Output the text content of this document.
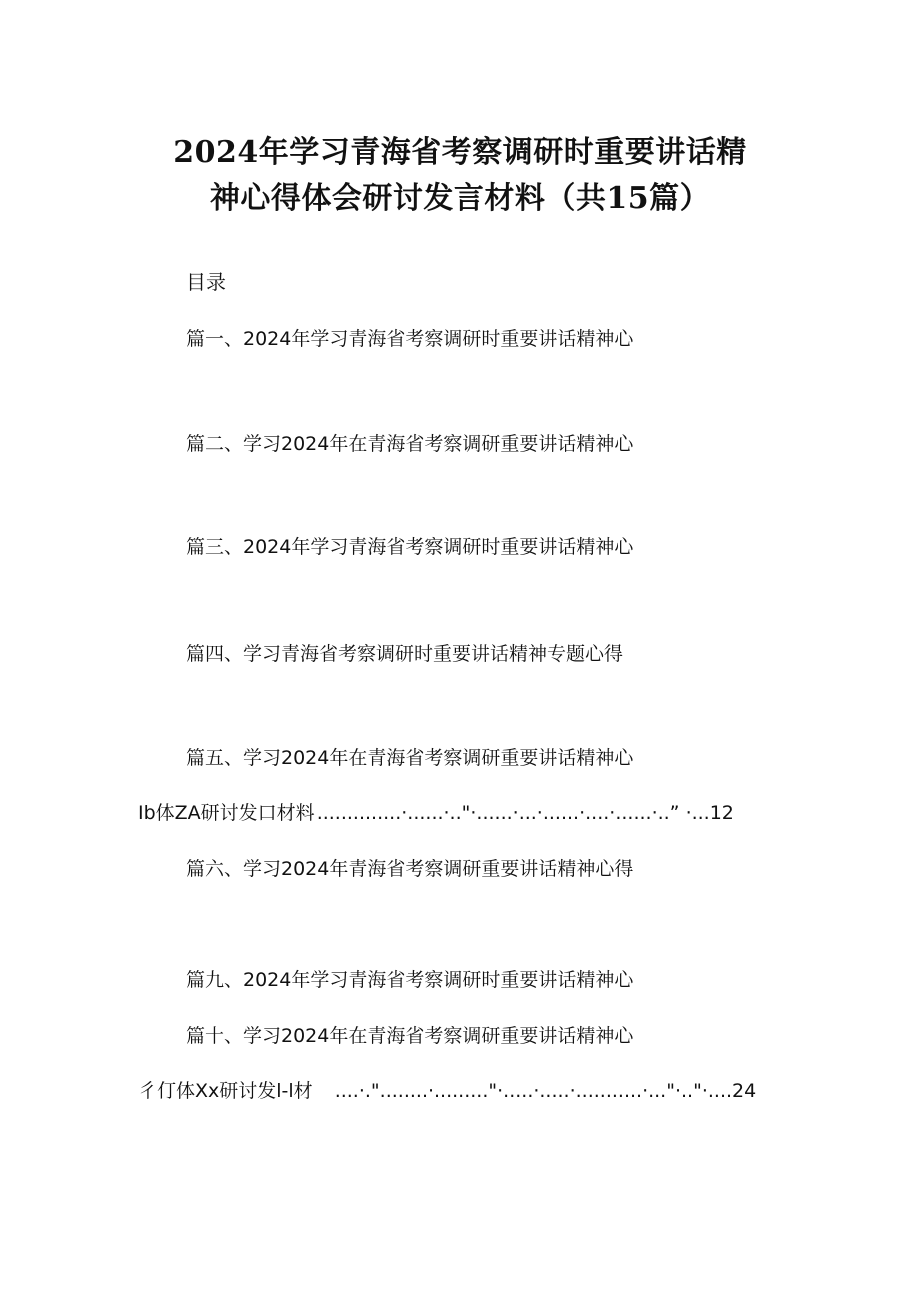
2024年学习青海省考察调研时重要讲话精
神心得体会研讨发言材料（共15篇）
目录
篇一、2024年学习青海省考察调研时重要讲话精神心
篇二、学习2024年在青海省考察调研重要讲话精神心
篇三、2024年学习青海省考察调研时重要讲话精神心
篇四、学习青海省考察调研时重要讲话精神专题心得
篇五、学习2024年在青海省考察调研重要讲话精神心
Ib体ZA研讨发口材料 ..............·......·.."·......·...·......·....·......·..” ·...12
篇六、学习2024年青海省考察调研重要讲话精神心得
篇九、2024年学习青海省考察调研时重要讲话精神心
篇十、学习2024年在青海省考察调研重要讲话精神心
彳仃体Xx研讨发l-l材 ....·."........·........."·.....·.....·...........·..."·.."·....24
